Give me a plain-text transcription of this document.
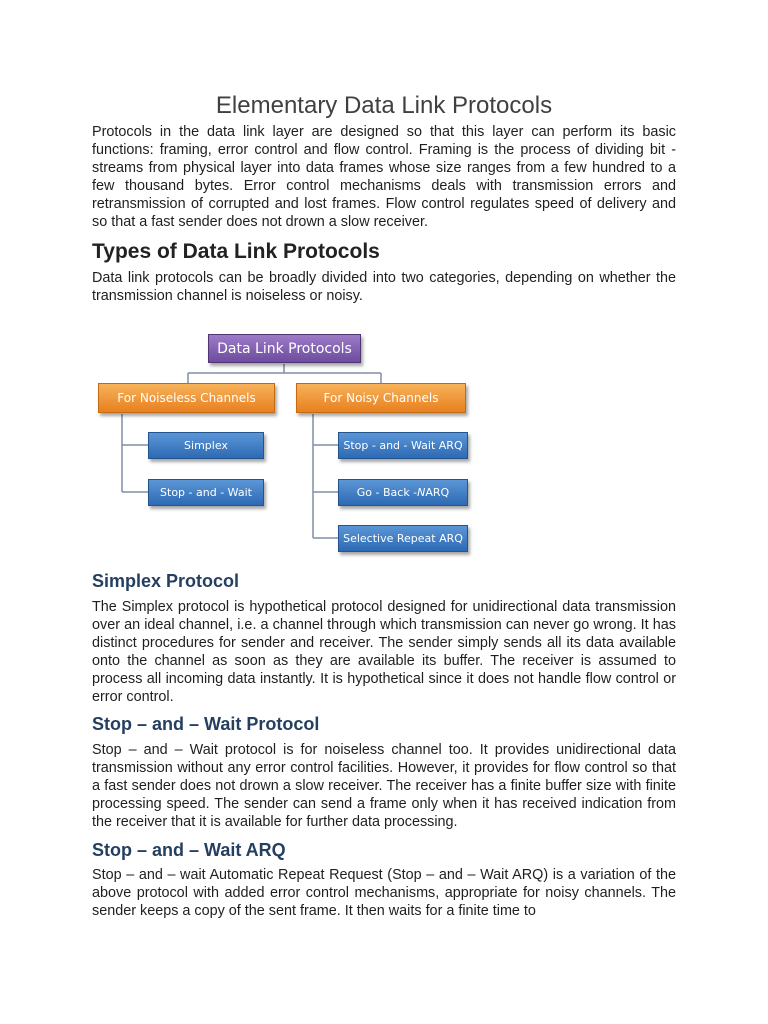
Elementary Data Link Protocols

Protocols in the data link layer are designed so that this layer can perform its basic functions: framing, error control and flow control. Framing is the process of dividing bit - streams from physical layer into data frames whose size ranges from a few hundred to a few thousand bytes. Error control mechanisms deals with transmission errors and retransmission of corrupted and lost frames. Flow control regulates speed of delivery and so that a fast sender does not drown a slow receiver.

Types of Data Link Protocols

Data link protocols can be broadly divided into two categories, depending on whether the transmission channel is noiseless or noisy.

Data Link Protocols
For Noiseless Channels	For Noisy Channels
Simplex
Stop - and - Wait
Stop - and - Wait ARQ
Go - Back - N ARQ
Selective Repeat ARQ
Simplex Protocol

The Simplex protocol is hypothetical protocol designed for unidirectional data transmission over an ideal channel, i.e. a channel through which transmission can never go wrong. It has distinct procedures for sender and receiver. The sender simply sends all its data available onto the channel as soon as they are available its buffer. The receiver is assumed to process all incoming data instantly. It is hypothetical since it does not handle flow control or error control.

Stop – and – Wait Protocol

Stop – and – Wait protocol is for noiseless channel too. It provides unidirectional data transmission without any error control facilities. However, it provides for flow control so that a fast sender does not drown a slow receiver. The receiver has a finite buffer size with finite processing speed. The sender can send a frame only when it has received indication from the receiver that it is available for further data processing.

Stop – and – Wait ARQ

Stop – and – wait Automatic Repeat Request (Stop – and – Wait ARQ) is a variation of the above protocol with added error control mechanisms, appropriate for noisy channels. The sender keeps a copy of the sent frame. It then waits for a finite time to
